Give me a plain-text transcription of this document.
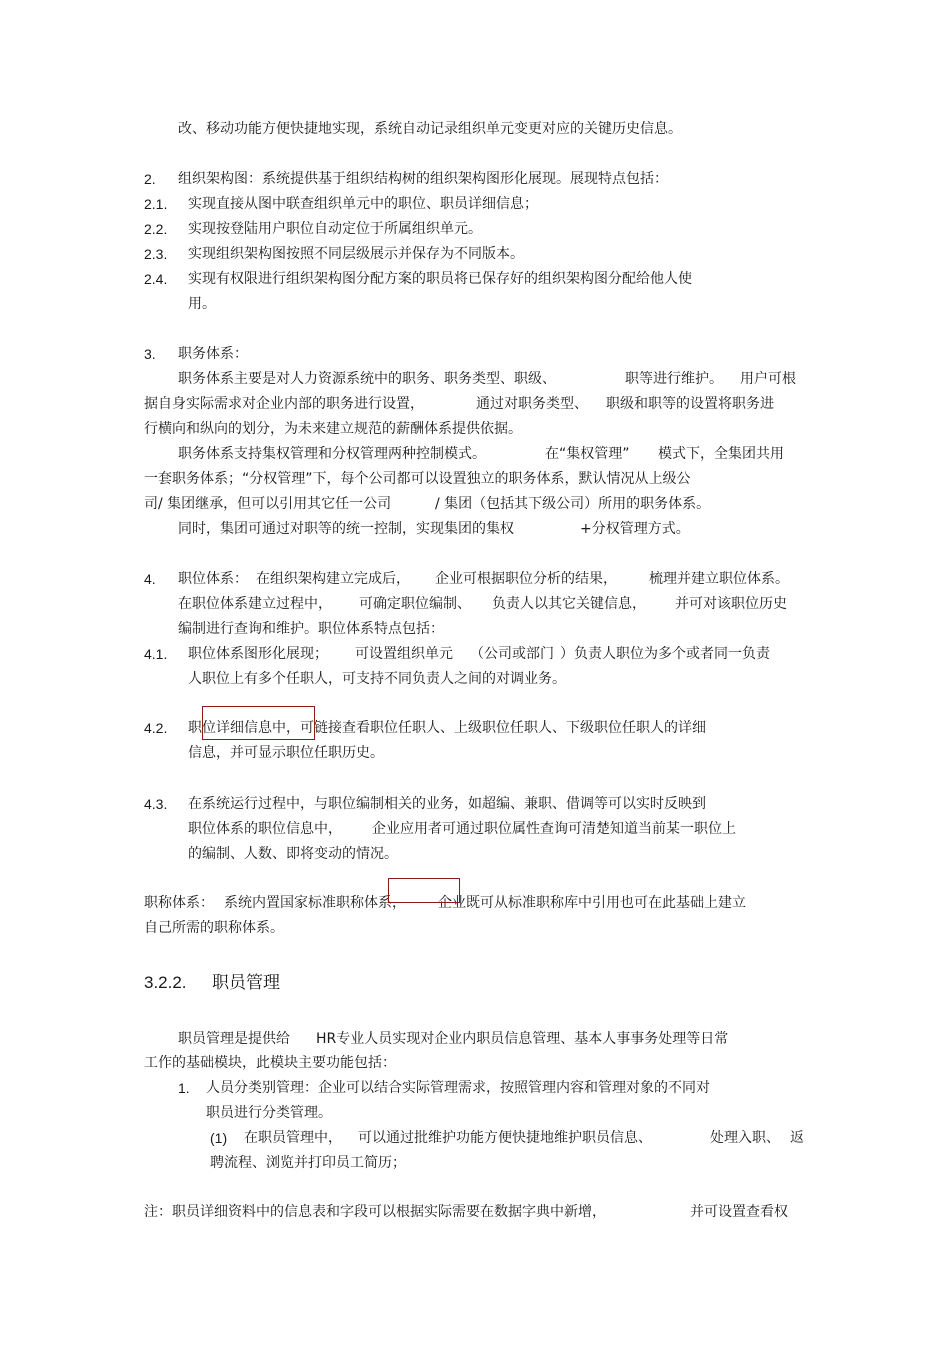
改、移动功能方便快捷地实现，系统自动记录组织单元变更对应的关键历史信息。
2. 组织架构图：系统提供基于组织结构树的组织架构图形化展现。展现特点包括：
2.1. 实现直接从图中联查组织单元中的职位、职员详细信息；
2.2. 实现按登陆用户职位自动定位于所属组织单元。
2.3. 实现组织架构图按照不同层级展示并保存为不同版本。
2.4. 实现有权限进行组织架构图分配方案的职员将已保存好的组织架构图分配给他人使
用。
3. 职务体系：
职务体系主要是对人力资源系统中的职务、职务类型、职级、	职等进行维护。 用户可根
据自身实际需求对企业内部的职务进行设置，	通过对职务类型、 职级和职等的设置将职务进
行横向和纵向的划分，为未来建立规范的薪酬体系提供依据。
职务体系支持集权管理和分权管理两种控制模式。	在“集权管理” 模式下，全集团共用
一套职务体系；“分权管理”下，每个公司都可以设置独立的职务体系，默认情况从上级公
司/ 集团继承，但可以引用其它任一公司	/ 集团（包括其下级公司）所用的职务体系。
同时，集团可通过对职等的统一控制，实现集团的集权	+分权管理方式。
4. 职位体系： 在组织架构建立完成后， 企业可根据职位分析的结果， 梳理并建立职位体系。
在职位体系建立过程中， 可确定职位编制、 负责人以其它关键信息， 并可对该职位历史
编制进行查询和维护。职位体系特点包括：
4.1. 职位体系图形化展现； 可设置组织单元 （公司或部门 ）负责人职位为多个或者同一负责
人职位上有多个任职人，可支持不同负责人之间的对调业务。
4.2. 职位详细信息中，可链接查看职位任职人、上级职位任职人、下级职位任职人的详细
信息，并可显示职位任职历史。
4.3. 在系统运行过程中，与职位编制相关的业务，如超编、兼职、借调等可以实时反映到
职位体系的职位信息中， 企业应用者可通过职位属性查询可清楚知道当前某一职位上
的编制、人数、即将变动的情况。
职称体系： 系统内置国家标准职称体系， 企业既可从标准职称库中引用也可在此基础上建立
自己所需的职称体系。
3.2.2. 职员管理
职员管理是提供给 HR专业人员实现对企业内职员信息管理、基本人事事务处理等日常
工作的基础模块，此模块主要功能包括：
1. 人员分类别管理：企业可以结合实际管理需求，按照管理内容和管理对象的不同对
职员进行分类管理。
(1) 在职员管理中， 可以通过批维护功能方便快捷地维护职员信息、	处理入职、 返
聘流程、浏览并打印员工简历；
注：职员详细资料中的信息表和字段可以根据实际需要在数据字典中新增，	并可设置查看权
